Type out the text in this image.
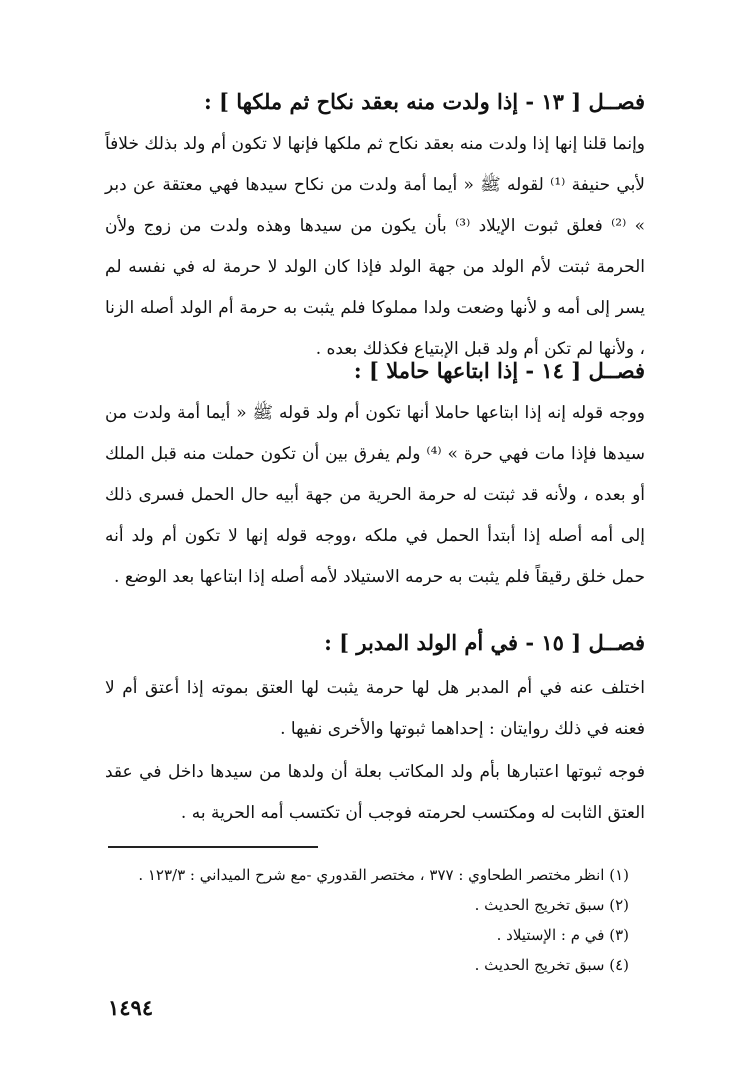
فصــل [ ١٣ - إذا ولدت منه بعقد نكاح ثم ملكها ] :

وإنما قلنا إنها إذا ولدت منه بعقد نكاح ثم ملكها فإنها لا تكون أم ولد بذلك خلافاً لأبي حنيفة ⁽¹⁾ لقوله ﷺ « أيما أمة ولدت من نكاح سيدها فهي معتقة عن دبر » ⁽²⁾ فعلق ثبوت الإيلاد ⁽³⁾ بأن يكون من سيدها وهذه ولدت من زوج ولأن الحرمة ثبتت لأم الولد من جهة الولد فإذا كان الولد لا حرمة له في نفسه لم يسر إلى أمه و لأنها وضعت ولدا مملوكا فلم يثبت به حرمة أم الولد أصله الزنا ، ولأنها لم تكن أم ولد قبل الإبتياع فكذلك بعده .

فصــل [ ١٤ - إذا ابتاعها حاملا ] :

ووجه قوله إنه إذا ابتاعها حاملا أنها تكون أم ولد قوله ﷺ « أيما أمة ولدت من سيدها فإذا مات فهي حرة » ⁽⁴⁾ ولم يفرق بين أن تكون حملت منه قبل الملك أو بعده ، ولأنه قد ثبتت له حرمة الحرية من جهة أبيه حال الحمل فسرى ذلك إلى أمه أصله إذا أبتدأ الحمل في ملكه ،ووجه قوله إنها لا تكون أم ولد أنه حمل خلق رقيقاً فلم يثبت به حرمه الاستيلاد لأمه أصله إذا ابتاعها بعد الوضع .

فصــل [ ١٥ - في أم الولد المدبر ] :

اختلف عنه في أم المدبر هل لها حرمة يثبت لها العتق بموته إذا أعتق أم لا فعنه في ذلك روايتان : إحداهما ثبوتها والأخرى نفيها .

فوجه ثبوتها اعتبارها بأم ولد المكاتب بعلة أن ولدها من سيدها داخل في عقد العتق الثابت له ومكتسب لحرمته فوجب أن تكتسب أمه الحرية به .

(١) انظر مختصر الطحاوي : ٣٧٧ ، مختصر القدوري -مع شرح الميداني : ١٢٣/٣ .
(٢) سبق تخريج الحديث .
(٣) في م : الإستيلاد .
(٤) سبق تخريج الحديث .
١٤٩٤
